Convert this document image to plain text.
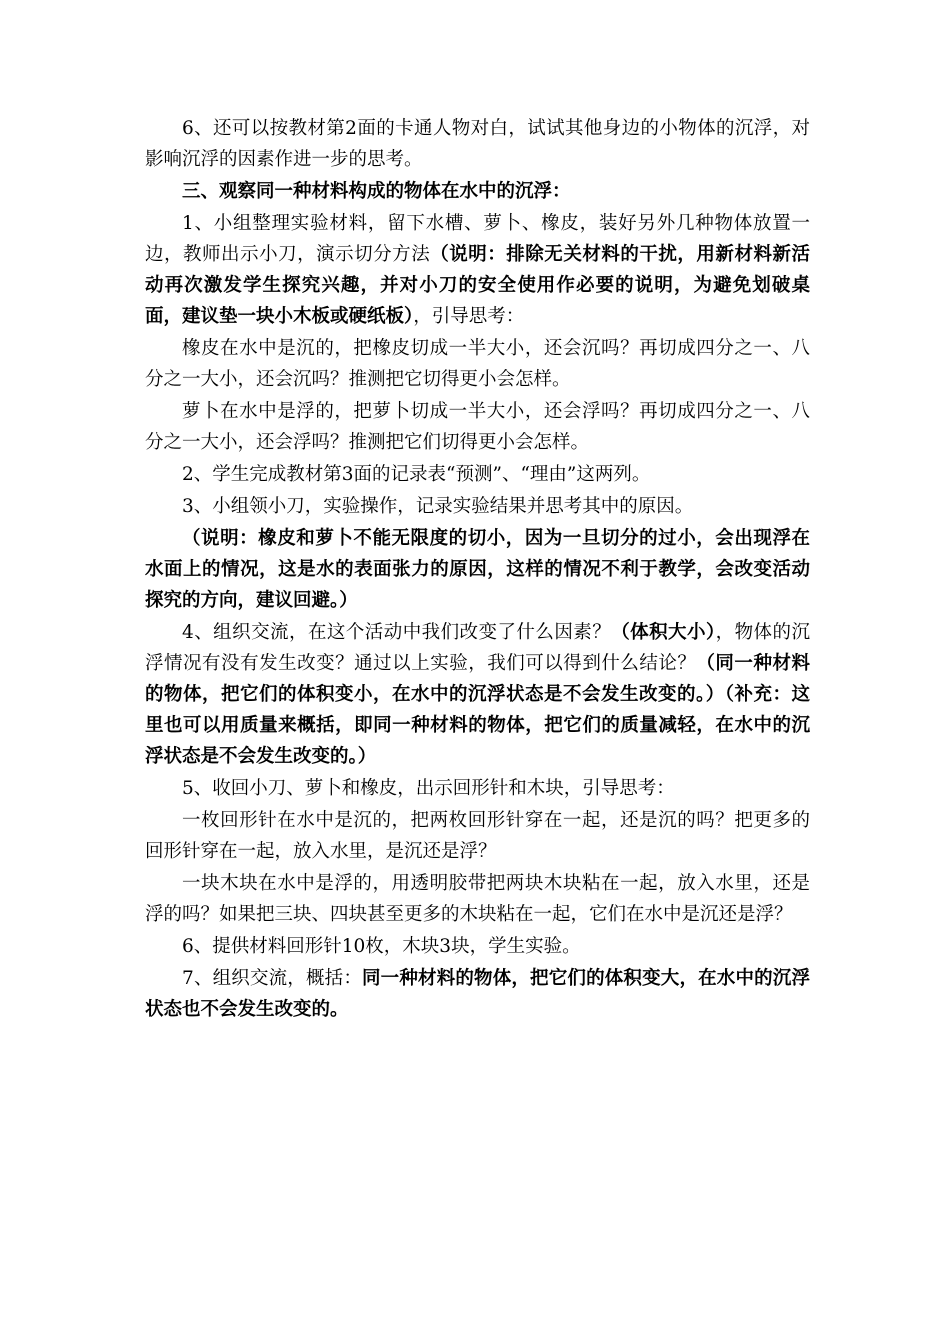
6、还可以按教材第2面的卡通人物对白，试试其他身边的小物体的沉浮，对影响沉浮的因素作进一步的思考。

三、观察同一种材料构成的物体在水中的沉浮：

1、小组整理实验材料，留下水槽、萝卜、橡皮，装好另外几种物体放置一边，教师出示小刀，演示切分方法（说明：排除无关材料的干扰，用新材料新活动再次激发学生探究兴趣，并对小刀的安全使用作必要的说明，为避免划破桌面，建议垫一块小木板或硬纸板），引导思考：

橡皮在水中是沉的，把橡皮切成一半大小，还会沉吗？再切成四分之一、八分之一大小，还会沉吗？推测把它切得更小会怎样。

萝卜在水中是浮的，把萝卜切成一半大小，还会浮吗？再切成四分之一、八分之一大小，还会浮吗？推测把它们切得更小会怎样。

2、学生完成教材第3面的记录表“预测”、“理由”这两列。

3、小组领小刀，实验操作，记录实验结果并思考其中的原因。

（说明：橡皮和萝卜不能无限度的切小，因为一旦切分的过小，会出现浮在水面上的情况，这是水的表面张力的原因，这样的情况不利于教学，会改变活动探究的方向，建议回避。）

4、组织交流，在这个活动中我们改变了什么因素？（体积大小），物体的沉浮情况有没有发生改变？通过以上实验，我们可以得到什么结论？（同一种材料的物体，把它们的体积变小，在水中的沉浮状态是不会发生改变的。）（补充：这里也可以用质量来概括，即同一种材料的物体，把它们的质量减轻，在水中的沉浮状态是不会发生改变的。）

5、收回小刀、萝卜和橡皮，出示回形针和木块，引导思考：

一枚回形针在水中是沉的，把两枚回形针穿在一起，还是沉的吗？把更多的回形针穿在一起，放入水里，是沉还是浮？

一块木块在水中是浮的，用透明胶带把两块木块粘在一起，放入水里，还是浮的吗？如果把三块、四块甚至更多的木块粘在一起，它们在水中是沉还是浮？

6、提供材料回形针10枚，木块3块，学生实验。

7、组织交流，概括：同一种材料的物体，把它们的体积变大，在水中的沉浮状态也不会发生改变的。
